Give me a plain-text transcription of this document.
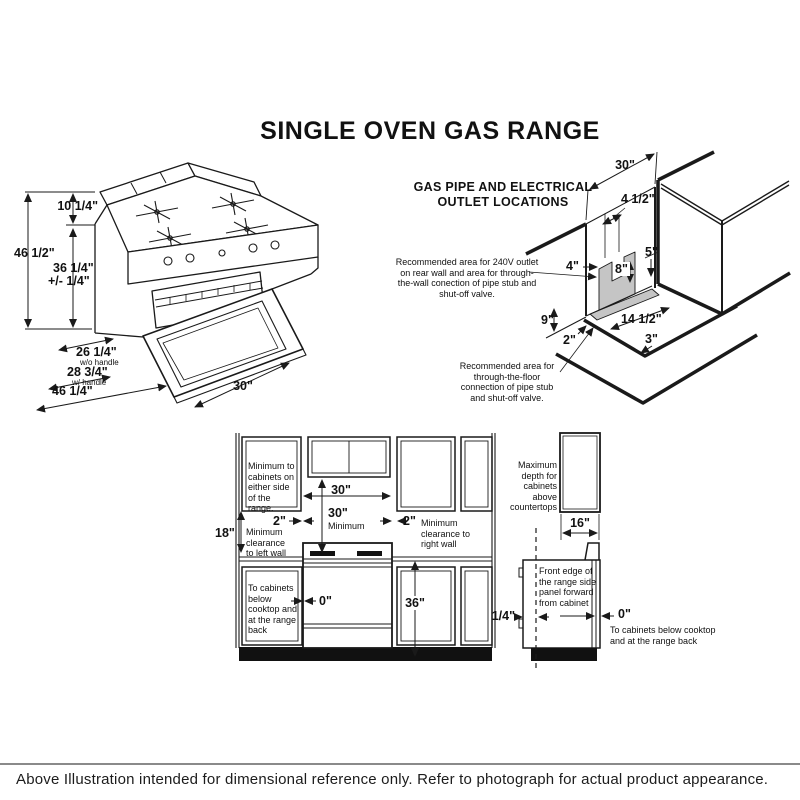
SINGLE OVEN GAS RANGE
10 1/4"
46 1/2"
36 1/4"
+/- 1/4"
26 1/4"
w/o handle
28 3/4"
w/ handle
46 1/4"	30"
GAS PIPE AND ELECTRICAL
OUTLET LOCATIONS
Recommended area for 240V outlet on rear wall and area for through-the-wall conection of pipe stub and shut-off valve.
Recommended area for through-the-floor connection of pipe stub and shut-off valve.
30"
4 1/2"
5"
4"	8"
9"
2"
14 1/2"
3"
Minimum to cabinets on either side of the range.
30"
30"
Minimum
2"	2" Minimum clearance to right wall
18" Minimum clearance to left wall
To cabinets below cooktop and at the range back
0"	36"
1/4"
Maximum depth for cabinets above countertops
16"
Front edge of the range side panel forward from cabinet
0"
To cabinets below cooktop and at the range back
Above Illustration intended for dimensional reference only. Refer to photograph for actual product appearance.
